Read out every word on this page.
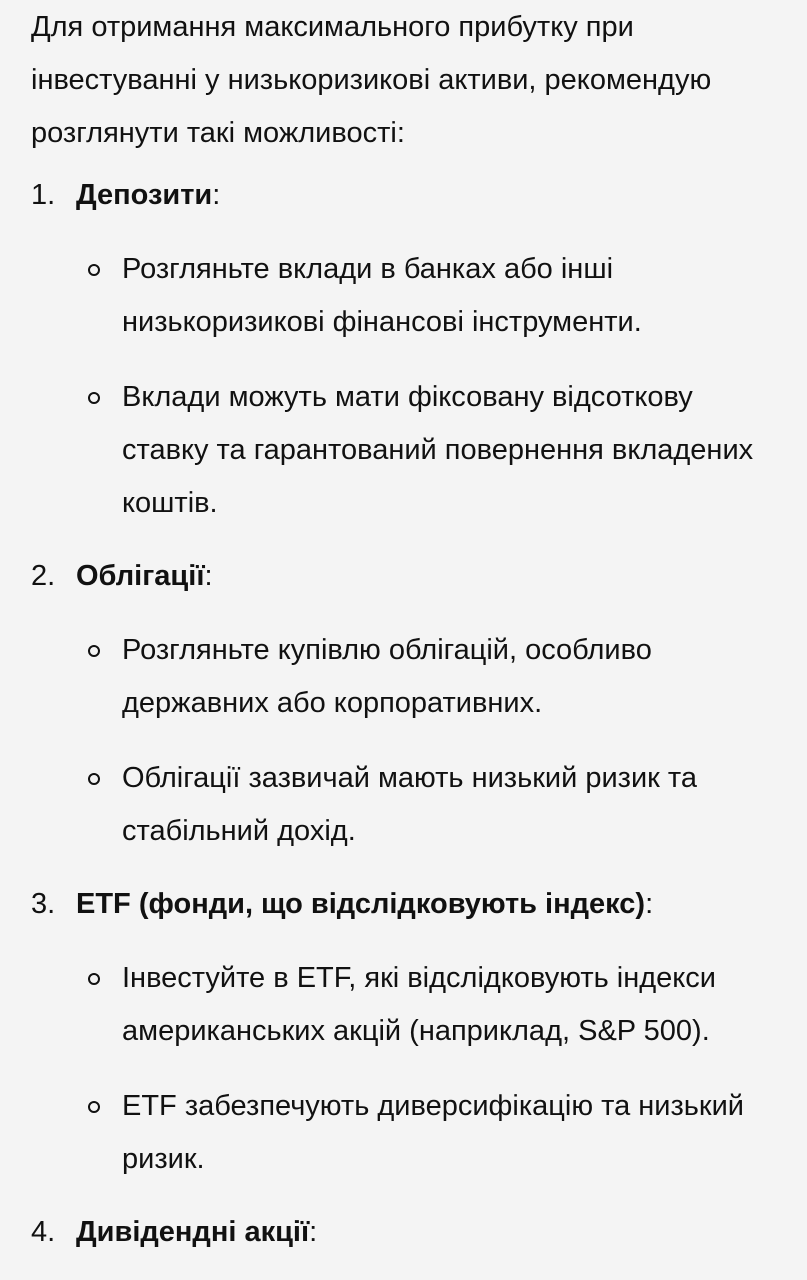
Для отримання максимального прибутку при інвестуванні у низькоризикові активи, рекомендую розглянути такі можливості:

1. Депозити:
Розгляньте вклади в банках або інші низькоризикові фінансові інструменти.
Вклади можуть мати фіксовану відсоткову ставку та гарантований повернення вкладених коштів.
2. Облігації:
Розгляньте купівлю облігацій, особливо державних або корпоративних.
Облігації зазвичай мають низький ризик та стабільний дохід.
3. ETF (фонди, що відслідковують індекс):
Інвестуйте в ETF, які відслідковують індекси американських акцій (наприклад, S&P 500).
ETF забезпечують диверсифікацію та низький ризик.
4. Дивідендні акції:
